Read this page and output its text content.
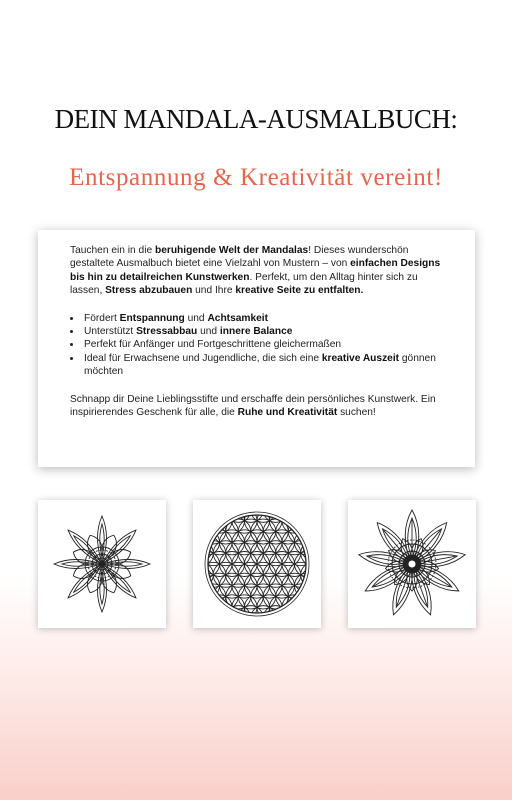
DEIN MANDALA-AUSMALBUCH:
Entspannung & Kreativität vereint!

Tauchen ein in die beruhigende Welt der Mandalas! Dieses wunderschön gestaltete Ausmalbuch bietet eine Vielzahl von Mustern – von einfachen Designs bis hin zu detailreichen Kunstwerken. Perfekt, um den Alltag hinter sich zu lassen, Stress abzubauen und Ihre kreative Seite zu entfalten.

• Fördert Entspannung und Achtsamkeit
• Unterstützt Stressabbau und innere Balance
• Perfekt für Anfänger und Fortgeschrittene gleichermaßen
• Ideal für Erwachsene und Jugendliche, die sich eine kreative Auszeit gönnen möchten

Schnapp dir Deine Lieblingsstifte und erschaffe dein persönliches Kunstwerk. Ein inspirierendes Geschenk für alle, die Ruhe und Kreativität suchen!
